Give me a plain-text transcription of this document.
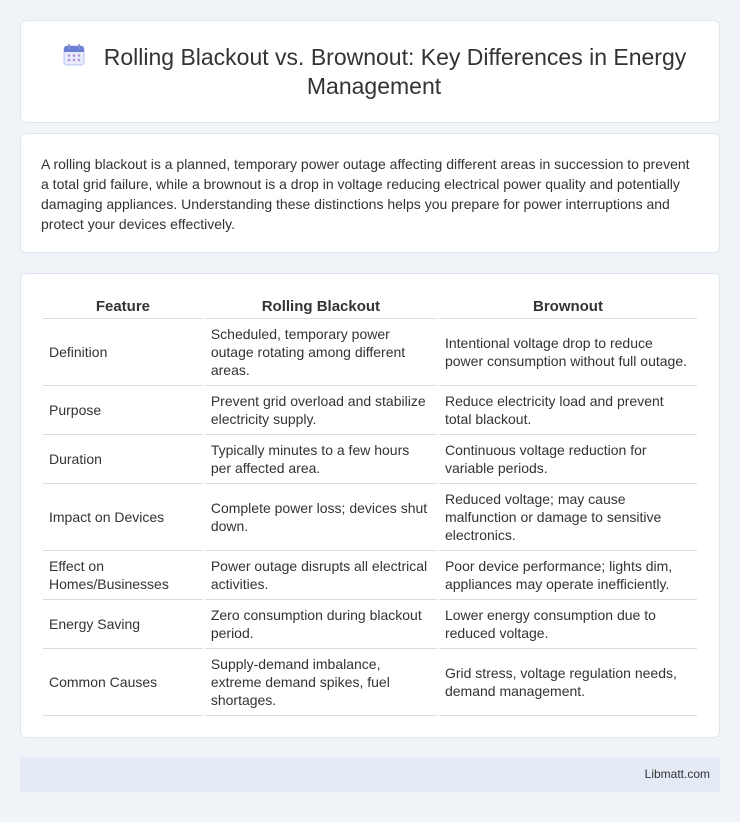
Rolling Blackout vs. Brownout: Key Differences in Energy Management

A rolling blackout is a planned, temporary power outage affecting different areas in succession to prevent a total grid failure, while a brownout is a drop in voltage reducing electrical power quality and potentially damaging appliances. Understanding these distinctions helps you prepare for power interruptions and protect your devices effectively.

Feature	Rolling Blackout	Brownout
Definition	Scheduled, temporary power outage rotating among different areas.	Intentional voltage drop to reduce power consumption without full outage.
Purpose	Prevent grid overload and stabilize electricity supply.	Reduce electricity load and prevent total blackout.
Duration	Typically minutes to a few hours per affected area.	Continuous voltage reduction for variable periods.
Impact on Devices	Complete power loss; devices shut down.	Reduced voltage; may cause malfunction or damage to sensitive electronics.
Effect on Homes/Businesses	Power outage disrupts all electrical activities.	Poor device performance; lights dim, appliances may operate inefficiently.
Energy Saving	Zero consumption during blackout period.	Lower energy consumption due to reduced voltage.
Common Causes	Supply-demand imbalance, extreme demand spikes, fuel shortages.	Grid stress, voltage regulation needs, demand management.
Libmatt.com
